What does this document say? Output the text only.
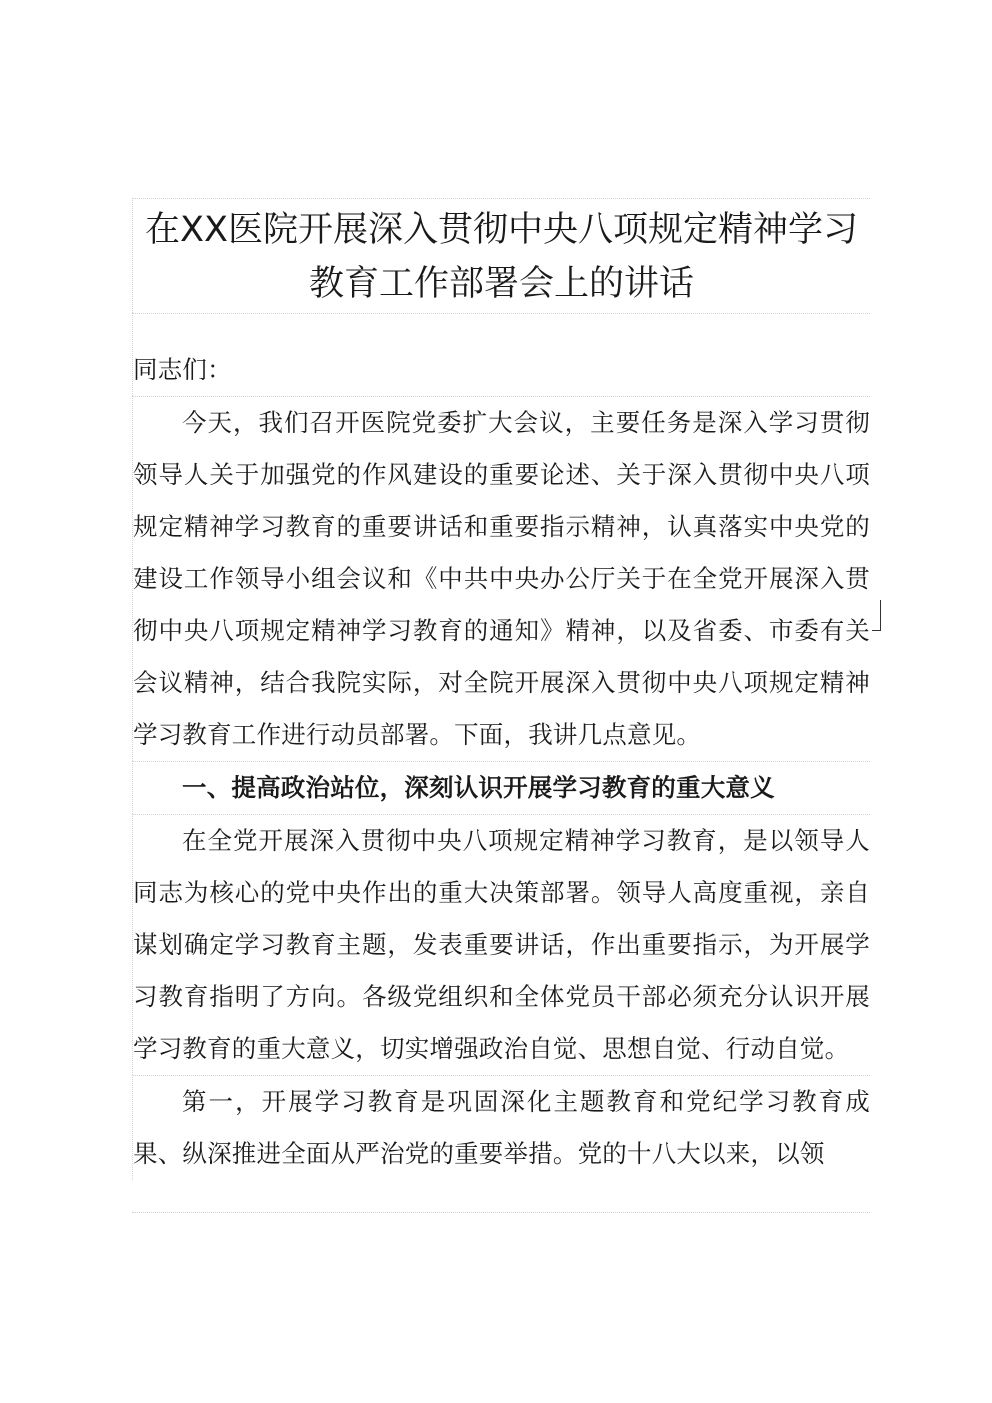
在XX医院开展深入贯彻中央八项规定精神学习教育工作部署会上的讲话

同志们：

今天，我们召开医院党委扩大会议，主要任务是深入学习贯彻领导人关于加强党的作风建设的重要论述、关于深入贯彻中央八项规定精神学习教育的重要讲话和重要指示精神，认真落实中央党的建设工作领导小组会议和《中共中央办公厅关于在全党开展深入贯彻中央八项规定精神学习教育的通知》精神，以及省委、市委有关会议精神，结合我院实际，对全院开展深入贯彻中央八项规定精神学习教育工作进行动员部署。下面，我讲几点意见。

一、提高政治站位，深刻认识开展学习教育的重大意义

在全党开展深入贯彻中央八项规定精神学习教育，是以领导人同志为核心的党中央作出的重大决策部署。领导人高度重视，亲自谋划确定学习教育主题，发表重要讲话，作出重要指示，为开展学习教育指明了方向。各级党组织和全体党员干部必须充分认识开展学习教育的重大意义，切实增强政治自觉、思想自觉、行动自觉。

第一，开展学习教育是巩固深化主题教育和党纪学习教育成果、纵深推进全面从严治党的重要举措。党的十八大以来，以领
